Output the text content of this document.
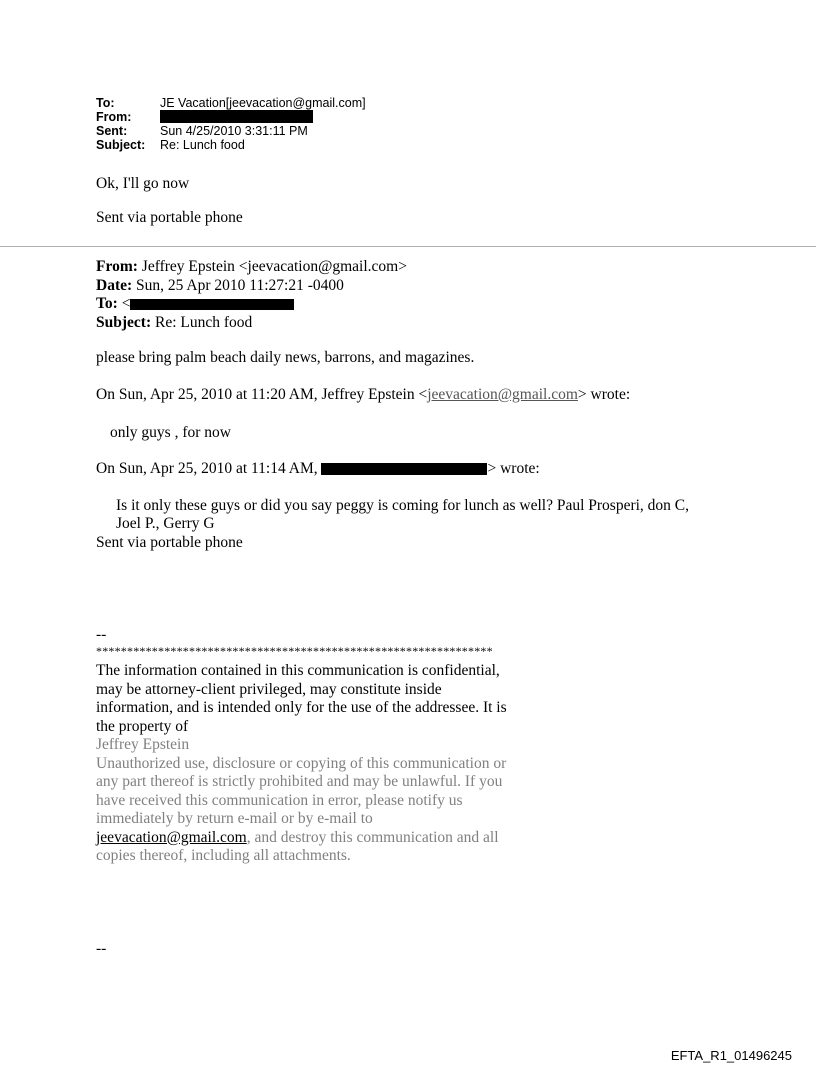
To:	JE Vacation[jeevacation@gmail.com]
From:
Sent:	Sun 4/25/2010 3:31:11 PM
Subject:	Re: Lunch food
Ok, I'll go now
Sent via portable phone
From: Jeffrey Epstein <jeevacation@gmail.com>
Date: Sun, 25 Apr 2010 11:27:21 -0400
To: <
Subject: Re: Lunch food
please bring palm beach daily news, barrons, and magazines.
On Sun, Apr 25, 2010 at 11:20 AM, Jeffrey Epstein <jeevacation@gmail.com> wrote:
only guys , for now
On Sun, Apr 25, 2010 at 11:14 AM,	> wrote:
Is it only these guys or did you say peggy is coming for lunch as well? Paul Prosperi, don C,
Joel P., Gerry G
Sent via portable phone
--
****************************************************************
The information contained in this communication is confidential, may be attorney-client privileged, may constitute inside information, and is intended only for the use of the addressee. It is the property of
Jeffrey Epstein
Unauthorized use, disclosure or copying of this communication or any part thereof is strictly prohibited and may be unlawful. If you have received this communication in error, please notify us immediately by return e-mail or by e-mail to jeevacation@gmail.com, and destroy this communication and all copies thereof, including all attachments.
--
EFTA_R1_01496245
